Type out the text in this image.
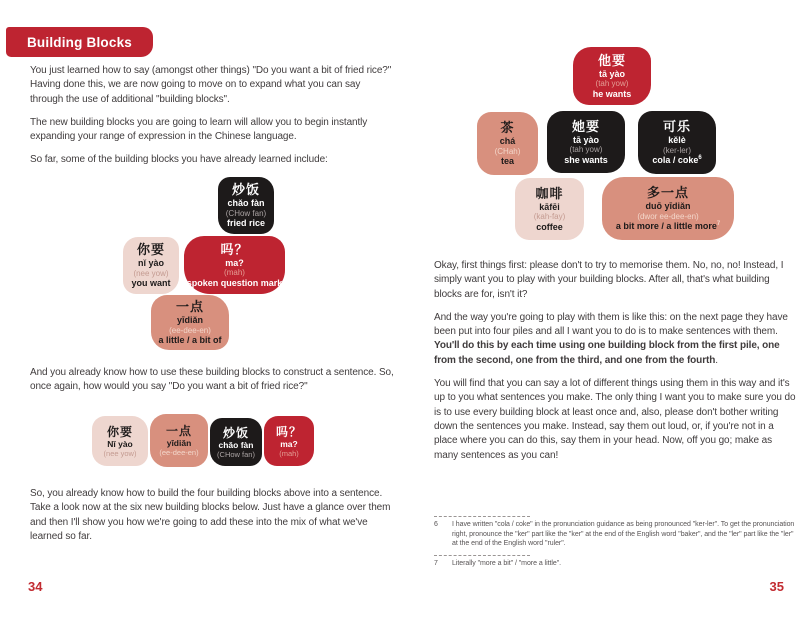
Building Blocks

You just learned how to say (amongst other things) "Do you want a bit of fried rice?" Having done this, we are now going to move on to expand what you can say through the use of additional "building blocks".

The new building blocks you are going to learn will allow you to begin instantly expanding your range of expression in the Chinese language.

So far, some of the building blocks you have already learned include:

炒饭
chǎo fàn
(CHow fan)
fried rice
你要
nǐ yào
(nee yow)
you want
吗？
ma?
(mah)
spoken question mark
一点
yīdiǎn
(ee-dee-en)
a little / a bit of

And you already know how to use these building blocks to construct a sentence. So, once again, how would you say "Do you want a bit of fried rice?"

你要
Nǐ yào
(nee yow)
一点
yīdiǎn
(ee-dee-en)
炒饭
chǎo fàn
(CHow fan)
吗？
ma?
(mah)

So, you already know how to build the four building blocks above into a sentence. Take a look now at the six new building blocks below. Just have a glance over them and then I'll show you how we're going to add these into the mix of what we've learned so far.

34
他要
tā yào
(tah yow)
he wants
茶
chá
(CHah)
tea
她要
tā yào
(tah yow)
she wants
可乐
kělè
(ker-ler)
cola / coke$^6$
咖啡
kāfēi
(kah-fay)
coffee
多一点
duō yīdiǎn
(dwor ee-dee-en)
a bit more / a little more$^7$

Okay, first things first: please don't to try to memorise them. No, no, no! Instead, I simply want you to play with your building blocks. After all, that's what building blocks are for, isn't it?

And the way you're going to play with them is like this: on the next page they have been put into four piles and all I want you to do is to make sentences with them. You'll do this by each time using one building block from the first pile, one from the second, one from the third, and one from the fourth.

You will find that you can say a lot of different things using them in this way and it's up to you what sentences you make. The only thing I want you to make sure you do is to use every building block at least once and, also, please don't bother writing down the sentences you make. Instead, say them out loud, or, if you're not in a place where you can do this, say them in your head. Now, off you go; make as many sentences as you can!

6	I have written "cola / coke" in the pronunciation guidance as being pronounced "ker-ler". To get the pronunciation right, pronounce the "ker" part like the "ker" at the end of the English word "baker", and the "ler" part like the "ler" at the end of the English word "ruler".
7	Literally "more a bit" / "more a little".
35
